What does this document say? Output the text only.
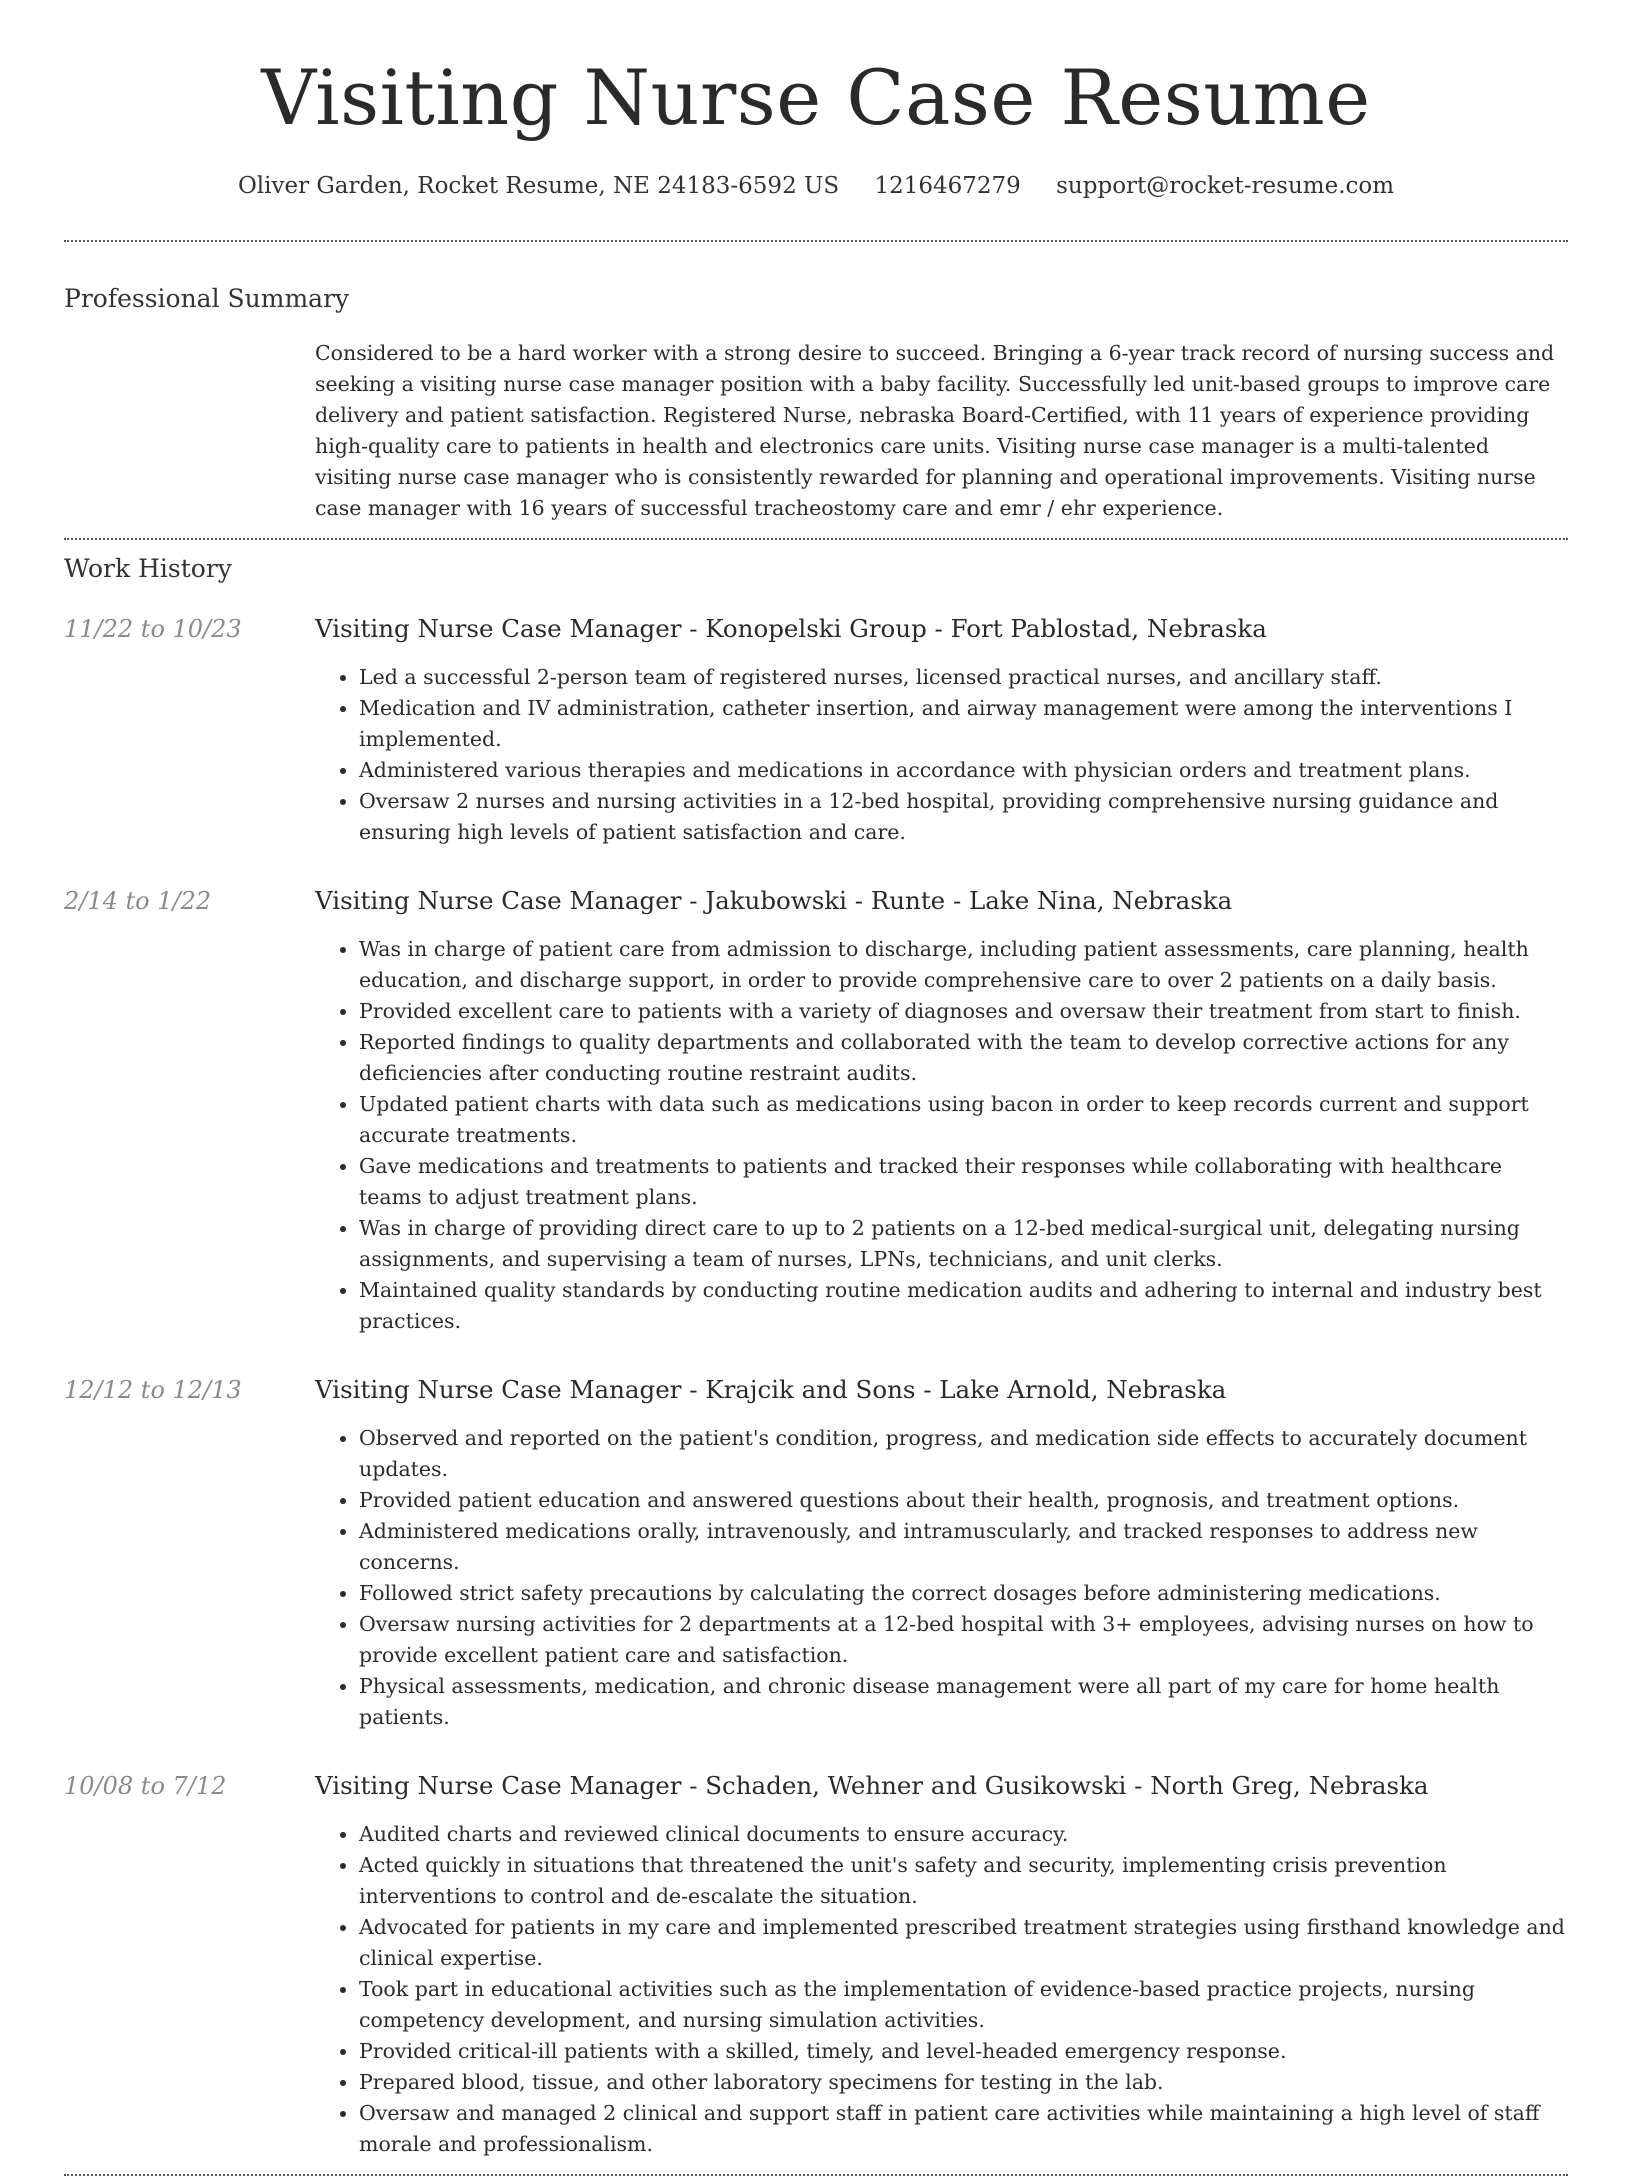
Visiting Nurse Case Resume
Oliver Garden, Rocket Resume, NE 24183-6592 US 1216467279 support@rocket-resume.com
Professional Summary
Considered to be a hard worker with a strong desire to succeed. Bringing a 6-year track record of nursing success and seeking a visiting nurse case manager position with a baby facility. Successfully led unit-based groups to improve care delivery and patient satisfaction. Registered Nurse, nebraska Board-Certified, with 11 years of experience providing high-quality care to patients in health and electronics care units. Visiting nurse case manager is a multi-talented visiting nurse case manager who is consistently rewarded for planning and operational improvements. Visiting nurse case manager with 16 years of successful tracheostomy care and emr / ehr experience.
Work History
11/22 to 10/23	Visiting Nurse Case Manager - Konopelski Group - Fort Pablostad, Nebraska
• Led a successful 2-person team of registered nurses, licensed practical nurses, and ancillary staff.
• Medication and IV administration, catheter insertion, and airway management were among the interventions I implemented.
• Administered various therapies and medications in accordance with physician orders and treatment plans.
• Oversaw 2 nurses and nursing activities in a 12-bed hospital, providing comprehensive nursing guidance and ensuring high levels of patient satisfaction and care.
2/14 to 1/22	Visiting Nurse Case Manager - Jakubowski - Runte - Lake Nina, Nebraska
• Was in charge of patient care from admission to discharge, including patient assessments, care planning, health education, and discharge support, in order to provide comprehensive care to over 2 patients on a daily basis.
• Provided excellent care to patients with a variety of diagnoses and oversaw their treatment from start to finish.
• Reported findings to quality departments and collaborated with the team to develop corrective actions for any deficiencies after conducting routine restraint audits.
• Updated patient charts with data such as medications using bacon in order to keep records current and support accurate treatments.
• Gave medications and treatments to patients and tracked their responses while collaborating with healthcare teams to adjust treatment plans.
• Was in charge of providing direct care to up to 2 patients on a 12-bed medical-surgical unit, delegating nursing assignments, and supervising a team of nurses, LPNs, technicians, and unit clerks.
• Maintained quality standards by conducting routine medication audits and adhering to internal and industry best practices.
12/12 to 12/13	Visiting Nurse Case Manager - Krajcik and Sons - Lake Arnold, Nebraska
• Observed and reported on the patient's condition, progress, and medication side effects to accurately document updates.
• Provided patient education and answered questions about their health, prognosis, and treatment options.
• Administered medications orally, intravenously, and intramuscularly, and tracked responses to address new concerns.
• Followed strict safety precautions by calculating the correct dosages before administering medications.
• Oversaw nursing activities for 2 departments at a 12-bed hospital with 3+ employees, advising nurses on how to provide excellent patient care and satisfaction.
• Physical assessments, medication, and chronic disease management were all part of my care for home health patients.
10/08 to 7/12	Visiting Nurse Case Manager - Schaden, Wehner and Gusikowski - North Greg, Nebraska
• Audited charts and reviewed clinical documents to ensure accuracy.
• Acted quickly in situations that threatened the unit's safety and security, implementing crisis prevention interventions to control and de-escalate the situation.
• Advocated for patients in my care and implemented prescribed treatment strategies using firsthand knowledge and clinical expertise.
• Took part in educational activities such as the implementation of evidence-based practice projects, nursing competency development, and nursing simulation activities.
• Provided critical-ill patients with a skilled, timely, and level-headed emergency response.
• Prepared blood, tissue, and other laboratory specimens for testing in the lab.
• Oversaw and managed 2 clinical and support staff in patient care activities while maintaining a high level of staff morale and professionalism.
